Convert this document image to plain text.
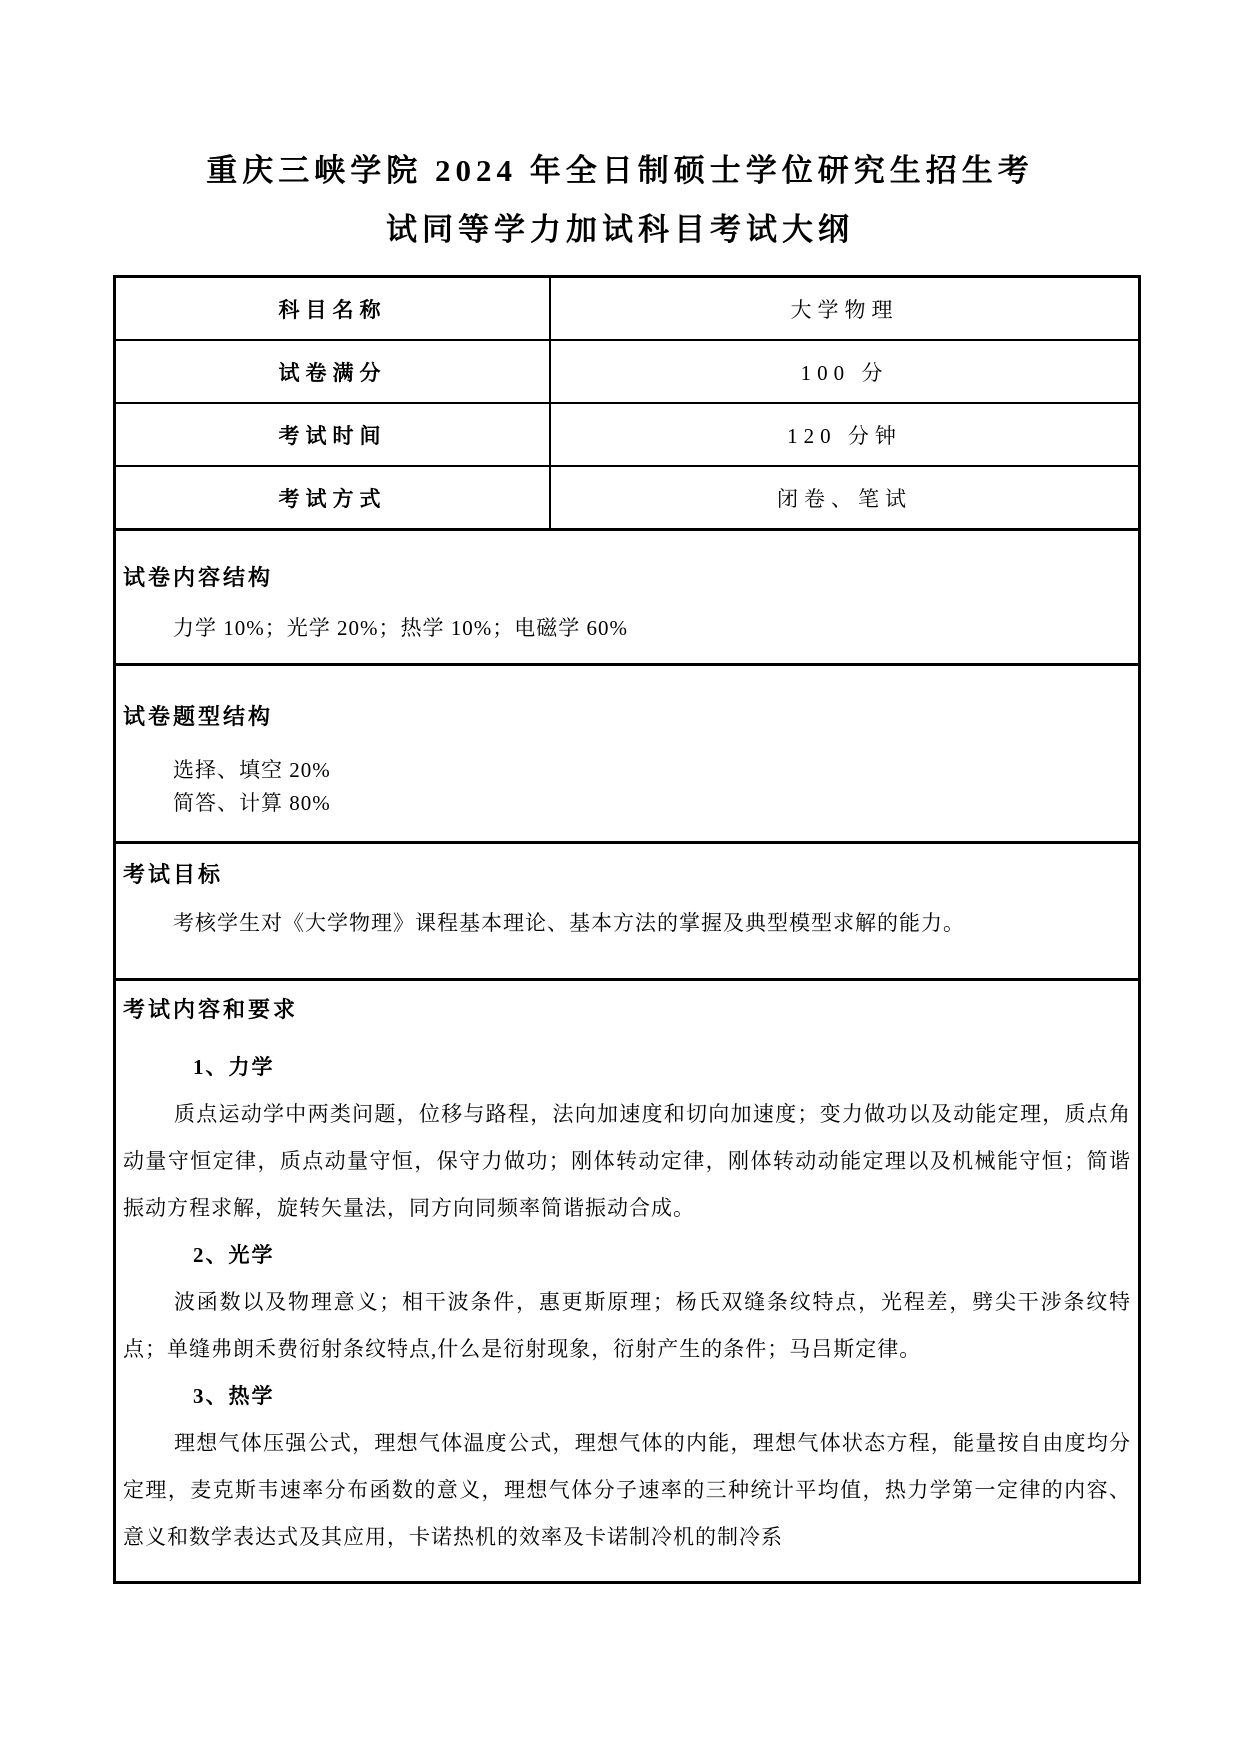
重庆三峡学院 2024 年全日制硕士学位研究生招生考
试同等学力加试科目考试大纲
科目名称	大学物理
试卷满分	100 分
考试时间	120 分钟
考试方式	闭卷、笔试
试卷内容结构
力学 10%；光学 20%；热学 10%；电磁学 60%
试卷题型结构
选择、填空 20%
简答、计算 80%
考试目标
考核学生对《大学物理》课程基本理论、基本方法的掌握及典型模型求解的能力。
考试内容和要求
1、力学

质点运动学中两类问题，位移与路程，法向加速度和切向加速度；变力做功以及动能定理，质点角动量守恒定律，质点动量守恒，保守力做功；刚体转动定律，刚体转动动能定理以及机械能守恒；简谐振动方程求解，旋转矢量法，同方向同频率简谐振动合成。

2、光学

波函数以及物理意义；相干波条件，惠更斯原理；杨氏双缝条纹特点，光程差，劈尖干涉条纹特点；单缝弗朗禾费衍射条纹特点,什么是衍射现象，衍射产生的条件；马吕斯定律。

3、热学

理想气体压强公式，理想气体温度公式，理想气体的内能，理想气体状态方程，能量按自由度均分定理，麦克斯韦速率分布函数的意义，理想气体分子速率的三种统计平均值，热力学第一定律的内容、意义和数学表达式及其应用，卡诺热机的效率及卡诺制冷机的制冷系
